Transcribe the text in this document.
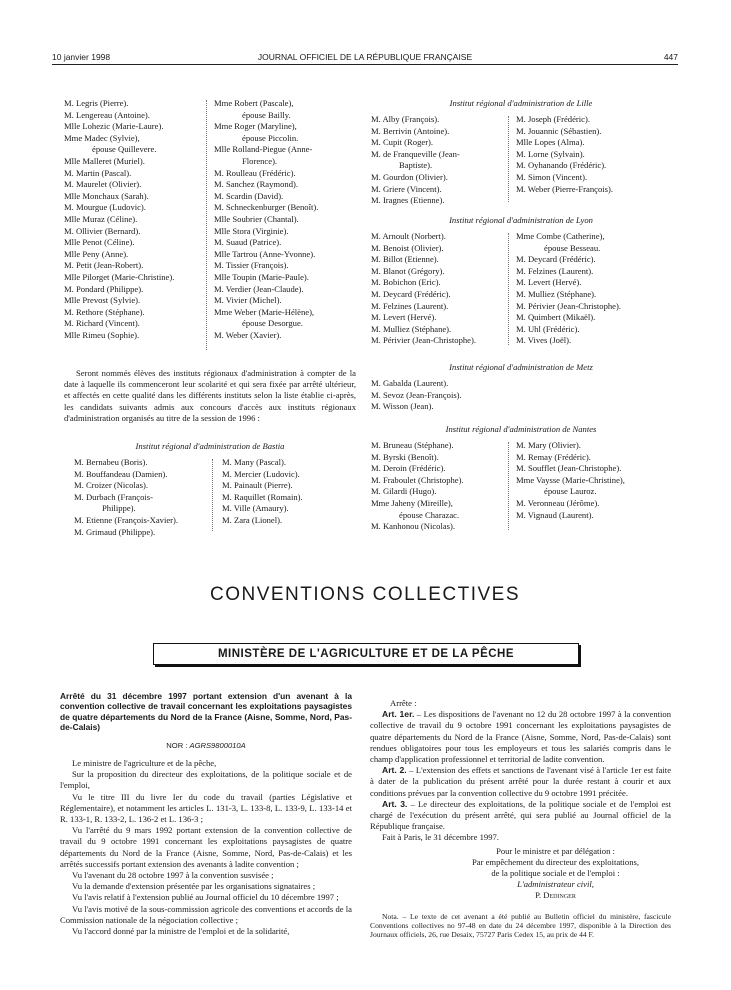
10 janvier 1998	JOURNAL OFFICIEL DE LA RÉPUBLIQUE FRANÇAISE	447
M. Legris (Pierre).
M. Lengereau (Antoine).
Mlle Lohezic (Marie-Laure).
Mme Madec (Sylvie),
épouse Quillevere.
Mlle Malleret (Muriel).
M. Martin (Pascal).
M. Maurelet (Olivier).
Mlle Monchaux (Sarah).
M. Mourgue (Ludovic).
Mlle Muraz (Céline).
M. Ollivier (Bernard).
Mlle Penot (Céline).
Mlle Peny (Anne).
M. Petit (Jean-Robert).
Mlle Pilorget (Marie-Christine).
M. Pondard (Philippe).
Mlle Prevost (Sylvie).
M. Rethore (Stéphane).
M. Richard (Vincent).
Mlle Rimeu (Sophie).
Mme Robert (Pascale),
épouse Bailly.
Mme Roger (Maryline),
épouse Piccolin.
Mlle Rolland-Piegue (Anne-
Florence).
M. Roulleau (Frédéric).
M. Sanchez (Raymond).
M. Scardin (David).
M. Schneckenburger (Benoît).
Mlle Soubrier (Chantal).
Mlle Stora (Virginie).
M. Suaud (Patrice).
Mlle Tartrou (Anne-Yvonne).
M. Tissier (François).
Mlle Toupin (Marie-Paule).
M. Verdier (Jean-Claude).
M. Vivier (Michel).
Mme Weber (Marie-Hélène),
épouse Desorgue.
M. Weber (Xavier).

Seront nommés élèves des instituts régionaux d'administration à compter de la date à laquelle ils commenceront leur scolarité et qui sera fixée par arrêté ultérieur, et affectés en cette qualité dans les différents instituts selon la liste établie ci-après, les candidats suivants admis aux concours d'accès aux instituts régionaux d'administration organisés au titre de la session de 1996 :

Institut régional d'administration de Bastia
M. Bernabeu (Boris).
M. Bouffandeau (Damien).
M. Croizer (Nicolas).
M. Durbach (François-
Philippe).
M. Etienne (François-Xavier).
M. Grimaud (Philippe).
M. Many (Pascal).
M. Mercier (Ludovic).
M. Painault (Pierre).
M. Raquillet (Romain).
M. Ville (Amaury).
M. Zara (Lionel).
Institut régional d'administration de Lille
M. Alby (François).
M. Berrivin (Antoine).
M. Cupit (Roger).
M. de Franqueville (Jean-
Baptiste).
M. Gourdon (Olivier).
M. Griere (Vincent).
M. Iragnes (Etienne).
M. Joseph (Frédéric).
M. Jouannic (Sébastien).
Mlle Lopes (Alma).
M. Lorne (Sylvain).
M. Oyhanando (Frédéric).
M. Simon (Vincent).
M. Weber (Pierre-François).
Institut régional d'administration de Lyon
M. Arnoult (Norbert).
M. Benoist (Olivier).
M. Billot (Etienne).
M. Blanot (Grégory).
M. Bobichon (Eric).
M. Deycard (Frédéric).
M. Felzines (Laurent).
M. Levert (Hervé).
M. Mulliez (Stéphane).
M. Périvier (Jean-Christophe).
Mme Combe (Catherine),
épouse Besseau.
M. Deycard (Frédéric).
M. Felzines (Laurent).
M. Levert (Hervé).
M. Mulliez (Stéphane).
M. Périvier (Jean-Christophe).
M. Quimbert (Mikaël).
M. Uhl (Frédéric).
M. Vives (Joël).
Institut régional d'administration de Metz
M. Gabalda (Laurent).
M. Sevoz (Jean-François).
M. Wisson (Jean).
Institut régional d'administration de Nantes
M. Bruneau (Stéphane).
M. Byrski (Benoît).
M. Deroin (Frédéric).
M. Fraboulet (Christophe).
M. Gilardi (Hugo).
Mme Jaheny (Mireille),
épouse Charazac.
M. Kanhonou (Nicolas).
M. Mary (Olivier).
M. Remay (Frédéric).
M. Soufflet (Jean-Christophe).
Mme Vaysse (Marie-Christine),
épouse Lauroz.
M. Veronneau (Jérôme).
M. Vignaud (Laurent).
CONVENTIONS COLLECTIVES
MINISTÈRE DE L'AGRICULTURE ET DE LA PÊCHE
Arrêté du 31 décembre 1997 portant extension d'un avenant à la convention collective de travail concernant les exploitations paysagistes de quatre départements du Nord de la France (Aisne, Somme, Nord, Pas-de-Calais)
NOR : AGRS9800010A

Le ministre de l'agriculture et de la pêche,

Sur la proposition du directeur des exploitations, de la politique sociale et de l'emploi,

Vu le titre III du livre Ier du code du travail (parties Législative et Réglementaire), et notamment les articles L. 131-3, L. 133-8, L. 133-9, L. 133-14 et R. 133-1, R. 133-2, L. 136-2 et L. 136-3 ;

Vu l'arrêté du 9 mars 1992 portant extension de la convention collective de travail du 9 octobre 1991 concernant les exploitations paysagistes de quatre départements du Nord de la France (Aisne, Somme, Nord, Pas-de-Calais) et les arrêtés successifs portant extension des avenants à ladite convention ;

Vu l'avenant du 28 octobre 1997 à la convention susvisée ;

Vu la demande d'extension présentée par les organisations signataires ;

Vu l'avis relatif à l'extension publié au Journal officiel du 10 décembre 1997 ;

Vu l'avis motivé de la sous-commission agricole des conventions et accords de la Commission nationale de la négociation collective ;

Vu l'accord donné par la ministre de l'emploi et de la solidarité,

Arrête :

Art. 1er. – Les dispositions de l'avenant no 12 du 28 octobre 1997 à la convention collective de travail du 9 octobre 1991 concernant les exploitations paysagistes de quatre départements du Nord de la France (Aisne, Somme, Nord, Pas-de-Calais) sont rendues obligatoires pour tous les employeurs et tous les salariés compris dans le champ d'application professionnel et territorial de ladite convention.

Art. 2. – L'extension des effets et sanctions de l'avenant visé à l'article 1er est faite à dater de la publication du présent arrêté pour la durée restant à courir et aux conditions prévues par la convention collective du 9 octobre 1991 précitée.

Art. 3. – Le directeur des exploitations, de la politique sociale et de l'emploi est chargé de l'exécution du présent arrêté, qui sera publié au Journal officiel de la République française.

Fait à Paris, le 31 décembre 1997.

Pour le ministre et par délégation :
Par empêchement du directeur des exploitations,
de la politique sociale et de l'emploi :
L'administrateur civil,
P. Dedinger

Nota. – Le texte de cet avenant a été publié au Bulletin officiel du ministère, fascicule Conventions collectives no 97-48 en date du 24 décembre 1997, disponible à la Direction des Journaux officiels, 26, rue Desaix, 75727 Paris Cedex 15, au prix de 44 F.
